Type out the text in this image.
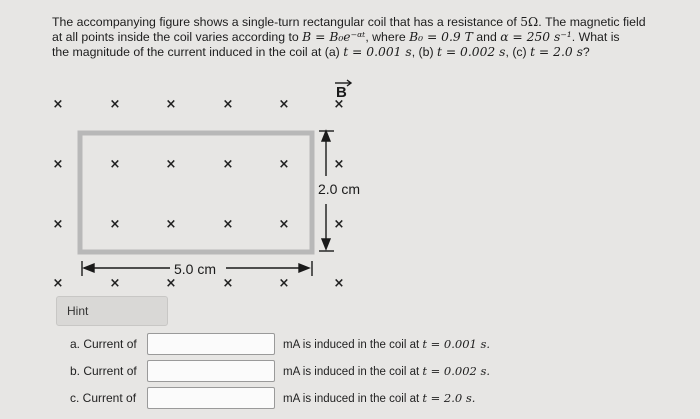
The accompanying figure shows a single-turn rectangular coil that has a resistance of 5Ω. The magnetic field
at all points inside the coil varies according to B = B₀e⁻ᵅᵗ, where B₀ = 0.9 T and α = 250 s⁻¹. What is
the magnitude of the current induced in the coil at (a) t = 0.001 s, (b) t = 0.002 s, (c) t = 2.0 s?
B
×	×	×	×	×	×
×	×	×	×	×	×
×	×	×	×	×	×
×	×	×	×	×	×
2.0 cm
5.0 cm
Hint
a. Current of	mA is induced in the coil at t = 0.001 s.
b. Current of	mA is induced in the coil at t = 0.002 s.
c. Current of	mA is induced in the coil at t = 2.0 s.
